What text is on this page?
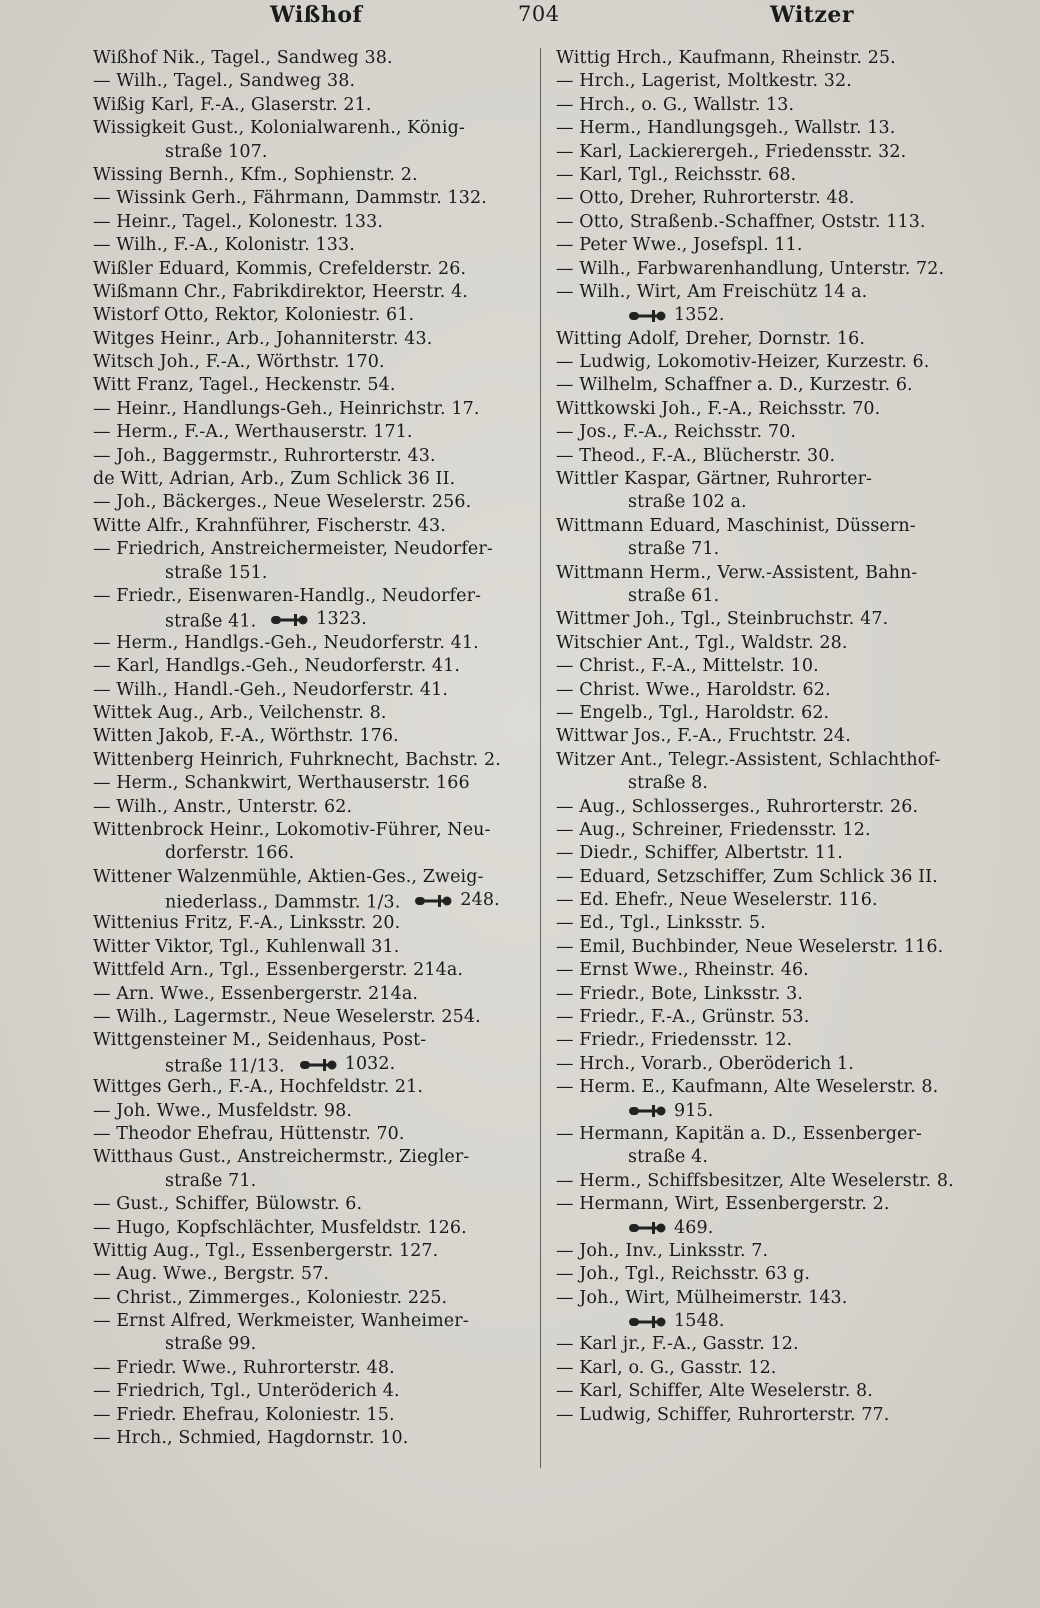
Wißhof	704	Witzer
Wißhof Nik., Tagel., Sandweg 38.
— Wilh., Tagel., Sandweg 38.
Wißig Karl, F.-A., Glaserstr. 21.
Wissigkeit Gust., Kolonialwarenh., König-
straße 107.
Wissing Bernh., Kfm., Sophienstr. 2.
— Wissink Gerh., Fährmann, Dammstr. 132.
— Heinr., Tagel., Kolonestr. 133.
— Wilh., F.-A., Kolonistr. 133.
Wißler Eduard, Kommis, Crefelderstr. 26.
Wißmann Chr., Fabrikdirektor, Heerstr. 4.
Wistorf Otto, Rektor, Koloniestr. 61.
Witges Heinr., Arb., Johanniterstr. 43.
Witsch Joh., F.-A., Wörthstr. 170.
Witt Franz, Tagel., Heckenstr. 54.
— Heinr., Handlungs-Geh., Heinrichstr. 17.
— Herm., F.-A., Werthauserstr. 171.
— Joh., Baggermstr., Ruhrorterstr. 43.
de Witt, Adrian, Arb., Zum Schlick 36 II.
— Joh., Bäckerges., Neue Weselerstr. 256.
Witte Alfr., Krahnführer, Fischerstr. 43.
— Friedrich, Anstreichermeister, Neudorfer-
straße 151.
— Friedr., Eisenwaren-Handlg., Neudorfer-
straße 41.	1323.
— Herm., Handlgs.-Geh., Neudorferstr. 41.
— Karl, Handlgs.-Geh., Neudorferstr. 41.
— Wilh., Handl.-Geh., Neudorferstr. 41.
Wittek Aug., Arb., Veilchenstr. 8.
Witten Jakob, F.-A., Wörthstr. 176.
Wittenberg Heinrich, Fuhrknecht, Bachstr. 2.
— Herm., Schankwirt, Werthauserstr. 166
— Wilh., Anstr., Unterstr. 62.
Wittenbrock Heinr., Lokomotiv-Führer, Neu-
dorferstr. 166.
Wittener Walzenmühle, Aktien-Ges., Zweig-
niederlass., Dammstr. 1/3.	248.
Wittenius Fritz, F.-A., Linksstr. 20.
Witter Viktor, Tgl., Kuhlenwall 31.
Wittfeld Arn., Tgl., Essenbergerstr. 214a.
— Arn. Wwe., Essenbergerstr. 214a.
— Wilh., Lagermstr., Neue Weselerstr. 254.
Wittgensteiner M., Seidenhaus, Post-
straße 11/13.	1032.
Wittges Gerh., F.-A., Hochfeldstr. 21.
— Joh. Wwe., Musfeldstr. 98.
— Theodor Ehefrau, Hüttenstr. 70.
Witthaus Gust., Anstreichermstr., Ziegler-
straße 71.
— Gust., Schiffer, Bülowstr. 6.
— Hugo, Kopfschlächter, Musfeldstr. 126.
Wittig Aug., Tgl., Essenbergerstr. 127.
— Aug. Wwe., Bergstr. 57.
— Christ., Zimmerges., Koloniestr. 225.
— Ernst Alfred, Werkmeister, Wanheimer-
straße 99.
— Friedr. Wwe., Ruhrorterstr. 48.
— Friedrich, Tgl., Unteröderich 4.
— Friedr. Ehefrau, Koloniestr. 15.
— Hrch., Schmied, Hagdornstr. 10.
Wittig Hrch., Kaufmann, Rheinstr. 25.
— Hrch., Lagerist, Moltkestr. 32.
— Hrch., o. G., Wallstr. 13.
— Herm., Handlungsgeh., Wallstr. 13.
— Karl, Lackierergeh., Friedensstr. 32.
— Karl, Tgl., Reichsstr. 68.
— Otto, Dreher, Ruhrorterstr. 48.
— Otto, Straßenb.-Schaffner, Oststr. 113.
— Peter Wwe., Josefspl. 11.
— Wilh., Farbwarenhandlung, Unterstr. 72.
— Wilh., Wirt, Am Freischütz 14 a.
1352.
Witting Adolf, Dreher, Dornstr. 16.
— Ludwig, Lokomotiv-Heizer, Kurzestr. 6.
— Wilhelm, Schaffner a. D., Kurzestr. 6.
Wittkowski Joh., F.-A., Reichsstr. 70.
— Jos., F.-A., Reichsstr. 70.
— Theod., F.-A., Blücherstr. 30.
Wittler Kaspar, Gärtner, Ruhrorter-
straße 102 a.
Wittmann Eduard, Maschinist, Düssern-
straße 71.
Wittmann Herm., Verw.-Assistent, Bahn-
straße 61.
Wittmer Joh., Tgl., Steinbruchstr. 47.
Witschier Ant., Tgl., Waldstr. 28.
— Christ., F.-A., Mittelstr. 10.
— Christ. Wwe., Haroldstr. 62.
— Engelb., Tgl., Haroldstr. 62.
Wittwar Jos., F.-A., Fruchtstr. 24.
Witzer Ant., Telegr.-Assistent, Schlachthof-
straße 8.
— Aug., Schlosserges., Ruhrorterstr. 26.
— Aug., Schreiner, Friedensstr. 12.
— Diedr., Schiffer, Albertstr. 11.
— Eduard, Setzschiffer, Zum Schlick 36 II.
— Ed. Ehefr., Neue Weselerstr. 116.
— Ed., Tgl., Linksstr. 5.
— Emil, Buchbinder, Neue Weselerstr. 116.
— Ernst Wwe., Rheinstr. 46.
— Friedr., Bote, Linksstr. 3.
— Friedr., F.-A., Grünstr. 53.
— Friedr., Friedensstr. 12.
— Hrch., Vorarb., Oberöderich 1.
— Herm. E., Kaufmann, Alte Weselerstr. 8.
915.
— Hermann, Kapitän a. D., Essenberger-
straße 4.
— Herm., Schiffsbesitzer, Alte Weselerstr. 8.
— Hermann, Wirt, Essenbergerstr. 2.
469.
— Joh., Inv., Linksstr. 7.
— Joh., Tgl., Reichsstr. 63 g.
— Joh., Wirt, Mülheimerstr. 143.
1548.
— Karl jr., F.-A., Gasstr. 12.
— Karl, o. G., Gasstr. 12.
— Karl, Schiffer, Alte Weselerstr. 8.
— Ludwig, Schiffer, Ruhrorterstr. 77.
